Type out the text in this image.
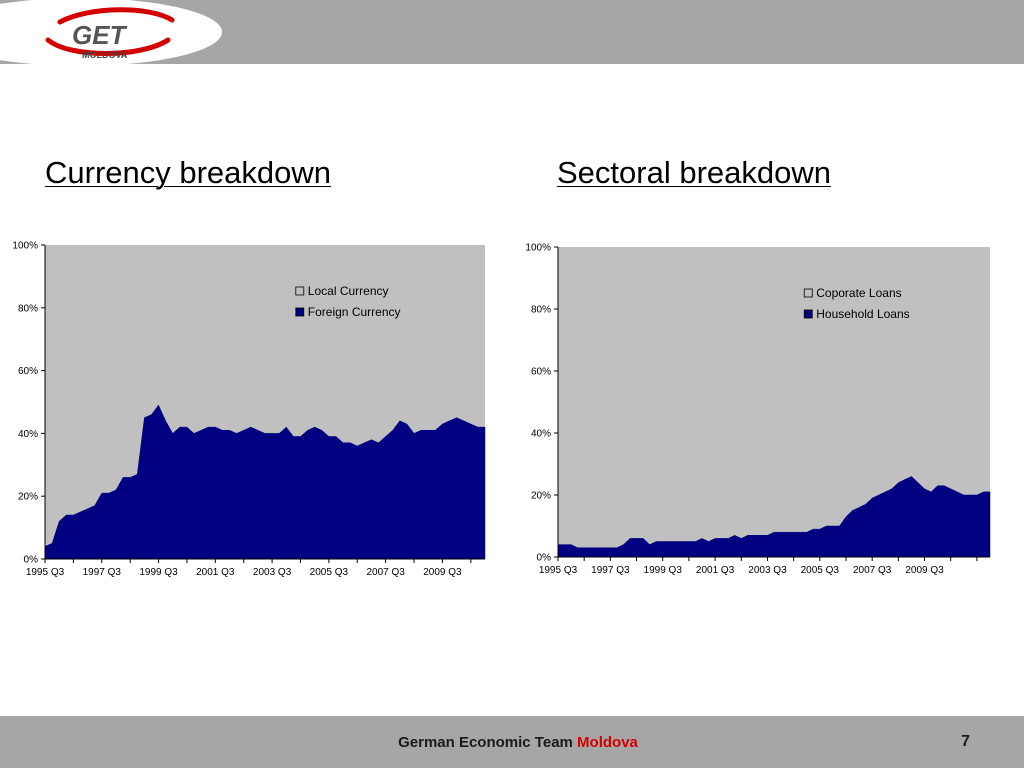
GET
MOLDOVA
Currency breakdown	Sectoral breakdown
0%
20%
40%
60%
80%
100%
1995 Q3 1997 Q3 1999 Q3 2001 Q3 2003 Q3 2005 Q3 2007 Q3 2009 Q3
Local Currency
Foreign Currency
0%
20%
40%
60%
80%
100%
1995 Q3 1997 Q3 1999 Q3 2001 Q3 2003 Q3 2005 Q3 2007 Q3 2009 Q3
Coporate Loans
Household Loans
German Economic Team Moldova	7
